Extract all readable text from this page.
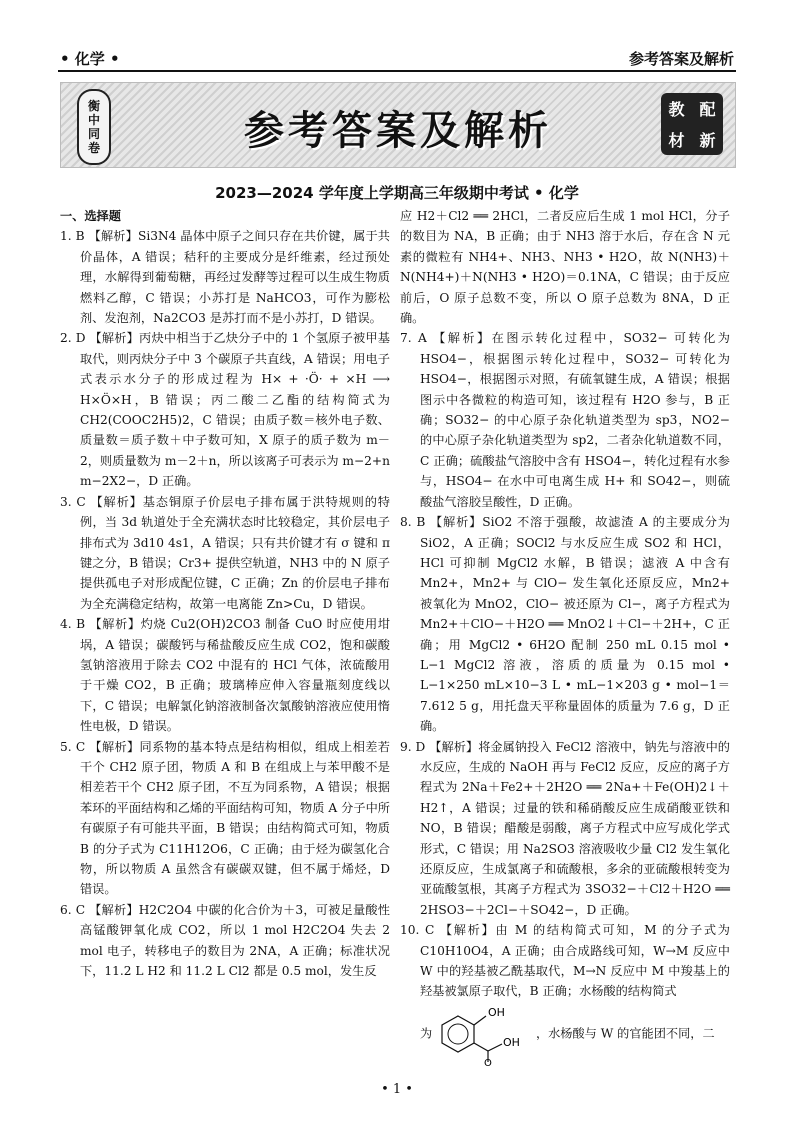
• 化学 •	参考答案及解析
衡
中
同
卷	参考答案及解析	教 配
材 新
2023—2024 学年度上学期高三年级期中考试 • 化学

一、选择题

1. B 【解析】Si3N4 晶体中原子之间只存在共价键，属于共价晶体，A 错误；秸秆的主要成分是纤维素，经过预处理，水解得到葡萄糖，再经过发酵等过程可以生成生物质燃料乙醇，C 错误；小苏打是 NaHCO3，可作为膨松剂、发泡剂，Na2CO3 是苏打而不是小苏打，D 错误。

2. D 【解析】丙炔中相当于乙炔分子中的 1 个氢原子被甲基取代，则丙炔分子中 3 个碳原子共直线，A 错误；用电子式表示水分子的形成过程为 H× + ·Ö· + ×H ⟶ H×Ö×H，B 错误；丙二酸二乙酯的结构简式为 CH2(COOC2H5)2，C 错误；由质子数＝核外电子数、质量数＝质子数＋中子数可知，X 原子的质子数为 m－2，则质量数为 m－2＋n，所以该离子可表示为 m−2+n m−2X2−，D 正确。

3. C 【解析】基态铜原子价层电子排布属于洪特规则的特例，当 3d 轨道处于全充满状态时比较稳定，其价层电子排布式为 3d10 4s1，A 错误；只有共价键才有 σ 键和 π 键之分，B 错误；Cr3+ 提供空轨道，NH3 中的 N 原子提供孤电子对形成配位键，C 正确；Zn 的价层电子排布为全充满稳定结构，故第一电离能 Zn>Cu，D 错误。

4. B 【解析】灼烧 Cu2(OH)2CO3 制备 CuO 时应使用坩埚，A 错误；碳酸钙与稀盐酸反应生成 CO2，饱和碳酸氢钠溶液用于除去 CO2 中混有的 HCl 气体，浓硫酸用于干燥 CO2，B 正确；玻璃棒应伸入容量瓶刻度线以下，C 错误；电解氯化钠溶液制备次氯酸钠溶液应使用惰性电极，D 错误。

5. C 【解析】同系物的基本特点是结构相似，组成上相差若干个 CH2 原子团，物质 A 和 B 在组成上与苯甲酸不是相差若干个 CH2 原子团，不互为同系物，A 错误；根据苯环的平面结构和乙烯的平面结构可知，物质 A 分子中所有碳原子有可能共平面，B 错误；由结构简式可知，物质 B 的分子式为 C11H12O6，C 正确；由于烃为碳氢化合物，所以物质 A 虽然含有碳碳双键，但不属于烯烃，D 错误。

6. C 【解析】H2C2O4 中碳的化合价为＋3，可被足量酸性高锰酸钾氧化成 CO2，所以 1 mol H2C2O4 失去 2 mol 电子，转移电子的数目为 2NA，A 正确；标准状况下，11.2 L H2 和 11.2 L Cl2 都是 0.5 mol，发生反

应 H2＋Cl2 ══ 2HCl，二者反应后生成 1 mol HCl，分子的数目为 NA，B 正确；由于 NH3 溶于水后，存在含 N 元素的微粒有 NH4+、NH3、NH3 • H2O，故 N(NH3)＋N(NH4+)＋N(NH3 • H2O)＝0.1NA，C 错误；由于反应前后，O 原子总数不变，所以 O 原子总数为 8NA，D 正确。

7. A 【解析】在图示转化过程中，SO32− 可转化为 HSO4−，根据图示转化过程中，SO32− 可转化为 HSO4−，根据图示对照，有硫氧键生成，A 错误；根据图示中各微粒的构造可知，该过程有 H2O 参与，B 正确；SO32− 的中心原子杂化轨道类型为 sp3，NO2− 的中心原子杂化轨道类型为 sp2，二者杂化轨道数不同，C 正确；硫酸盐气溶胶中含有 HSO4−，转化过程有水参与，HSO4− 在水中可电离生成 H+ 和 SO42−，则硫酸盐气溶胶呈酸性，D 正确。

8. B 【解析】SiO2 不溶于强酸，故滤渣 A 的主要成分为 SiO2，A 正确；SOCl2 与水反应生成 SO2 和 HCl，HCl 可抑制 MgCl2 水解，B 错误；滤液 A 中含有 Mn2+，Mn2+ 与 ClO− 发生氧化还原反应，Mn2+ 被氧化为 MnO2，ClO− 被还原为 Cl−，离子方程式为 Mn2+＋ClO−＋H2O ══ MnO2↓＋Cl−＋2H+，C 正确；用 MgCl2 • 6H2O 配制 250 mL 0.15 mol • L−1 MgCl2 溶液，溶质的质量为 0.15 mol • L−1×250 mL×10−3 L • mL−1×203 g • mol−1＝7.612 5 g，用托盘天平称量固体的质量为 7.6 g，D 正确。

9. D 【解析】将金属钠投入 FeCl2 溶液中，钠先与溶液中的水反应，生成的 NaOH 再与 FeCl2 反应，反应的离子方程式为 2Na＋Fe2+＋2H2O ══ 2Na+＋Fe(OH)2↓＋H2↑，A 错误；过量的铁和稀硝酸反应生成硝酸亚铁和 NO，B 错误；醋酸是弱酸，离子方程式中应写成化学式形式，C 错误；用 Na2SO3 溶液吸收少量 Cl2 发生氧化还原反应，生成氯离子和硫酸根，多余的亚硫酸根转变为亚硫酸氢根，其离子方程式为 3SO32−＋Cl2＋H2O ══ 2HSO3−＋2Cl−＋SO42−，D 正确。

10. C 【解析】由 M 的结构简式可知，M 的分子式为 C10H10O4，A 正确；由合成路线可知，W→M 反应中 W 中的羟基被乙酰基取代，M→N 反应中 M 中羧基上的羟基被氯原子取代，B 正确；水杨酸的结构简式

为
OH
O
OH
，水杨酸与 W 的官能团不同，二

• 1 •
